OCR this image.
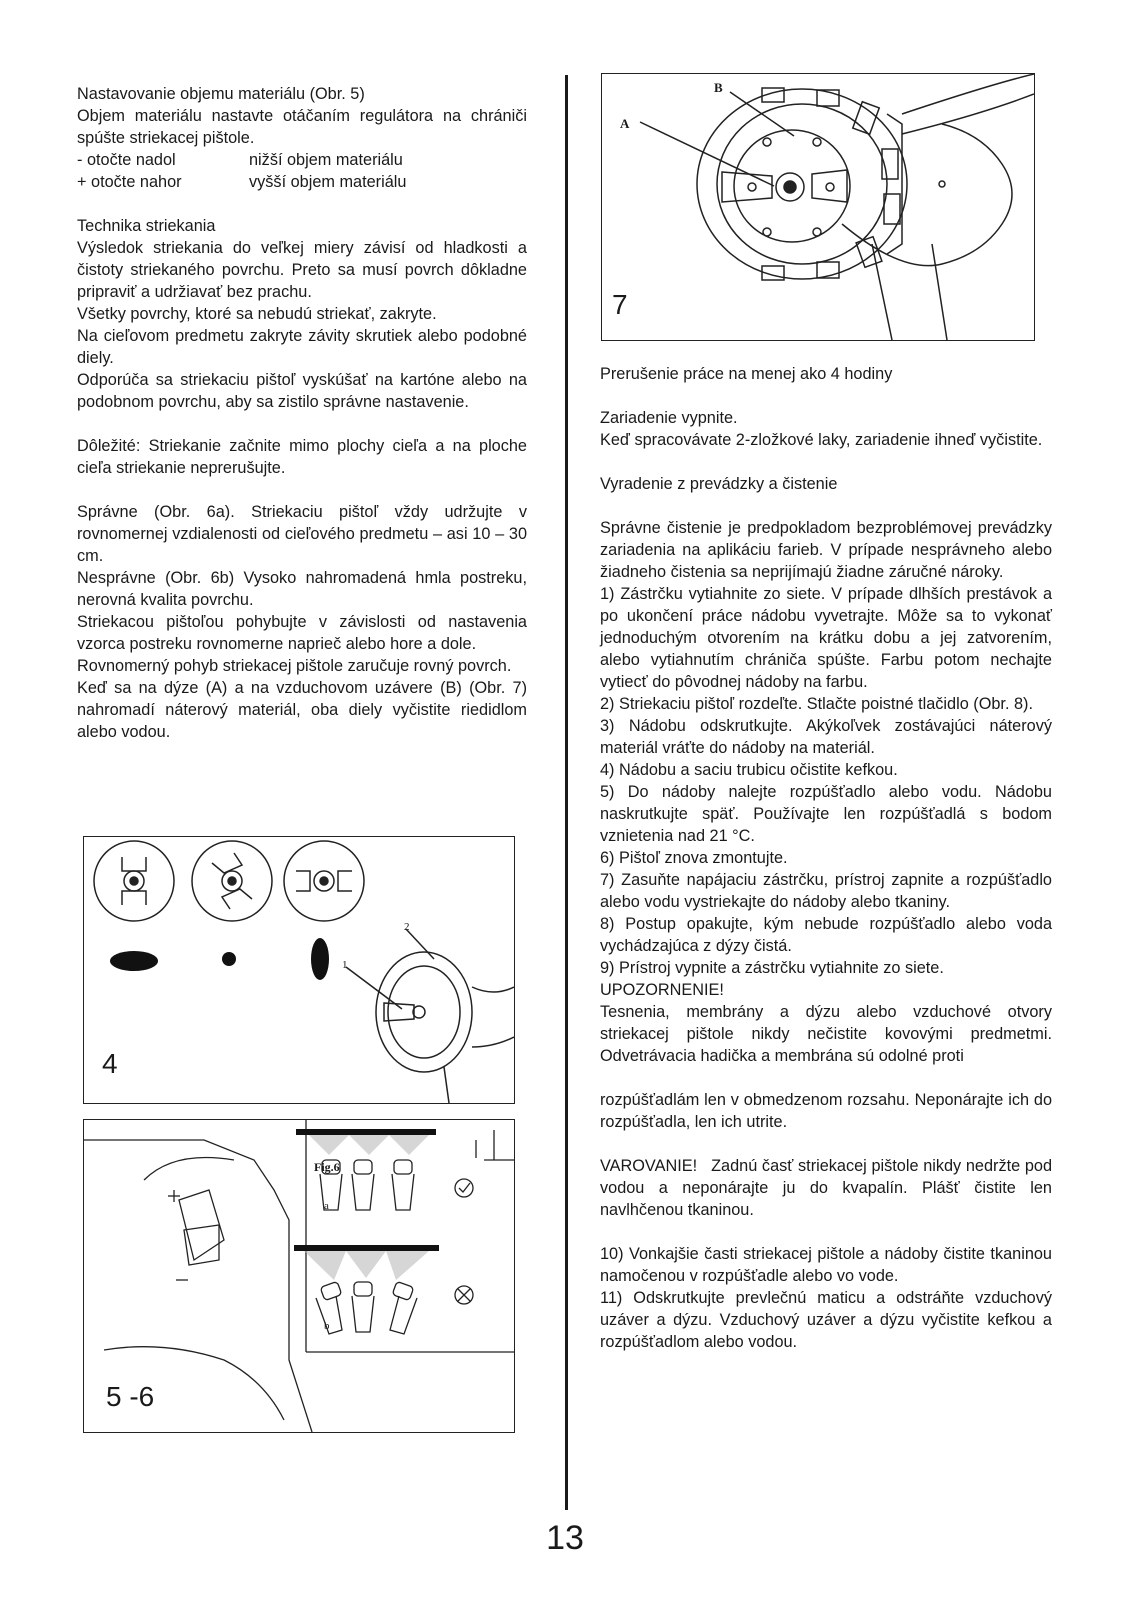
Nastavovanie objemu materiálu (Obr. 5)

Objem materiálu nastavte otáčaním regulátora na chrániči spúšte striekacej pištole.

- otočte nadol	nižší objem materiálu
+ otočte nahor	vyšší objem materiálu

Technika striekania

Výsledok striekania do veľkej miery závisí od hladkosti a čistoty striekaného povrchu. Preto sa musí povrch dôkladne pripraviť a udržiavať bez prachu.

Všetky povrchy, ktoré sa nebudú striekať, zakryte.

Na cieľovom predmetu zakryte závity skrutiek alebo podobné diely.

Odporúča sa striekaciu pištoľ vyskúšať na kartóne alebo na podobnom povrchu, aby sa zistilo správne nastavenie.

Dôležité: Striekanie začnite mimo plochy cieľa a na ploche cieľa striekanie neprerušujte.

Správne (Obr. 6a). Striekaciu pištoľ vždy udržujte v rovnomernej vzdialenosti od cieľového predmetu – asi 10 – 30 cm.

Nesprávne (Obr. 6b) Vysoko nahromadená hmla postreku, nerovná kvalita povrchu.

Striekacou pištoľou pohybujte v závislosti od nastavenia vzorca postreku rovnomerne naprieč alebo hore a dole.

Rovnomerný pohyb striekacej pištole zaručuje rovný povrch.

Keď sa na dýze (A) a na vzduchovom uzávere (B) (Obr. 7) nahromadí náterový materiál, oba diely vyčistite riedidlom alebo vodou.

A
B
7
1
2
4
Fig.6
a
b
5 -6

Prerušenie práce na menej ako 4 hodiny

Zariadenie vypnite.

Keď spracovávate 2-zložkové laky, zariadenie ihneď vyčistite.

Vyradenie z prevádzky a čistenie

Správne čistenie je predpokladom bezproblémovej prevádzky zariadenia na aplikáciu farieb. V prípade nesprávneho alebo žiadneho čistenia sa neprijímajú žiadne záručné nároky.

1) Zástrčku vytiahnite zo siete. V prípade dlhších prestávok a po ukončení práce nádobu vyvetrajte. Môže sa to vykonať jednoduchým otvorením na krátku dobu a jej zatvorením, alebo vytiahnutím chrániča spúšte. Farbu potom nechajte vytiecť do pôvodnej nádoby na farbu.

2) Striekaciu pištoľ rozdeľte. Stlačte poistné tlačidlo (Obr. 8).

3) Nádobu odskrutkujte. Akýkoľvek zostávajúci náterový materiál vráťte do nádoby na materiál.

4) Nádobu a saciu trubicu očistite kefkou.

5) Do nádoby nalejte rozpúšťadlo alebo vodu. Nádobu naskrutkujte späť. Používajte len rozpúšťadlá s bodom vznietenia nad 21 °C.

6) Pištoľ znova zmontujte.

7) Zasuňte napájaciu zástrčku, prístroj zapnite a rozpúšťadlo alebo vodu vystriekajte do nádoby alebo tkaniny.

8) Postup opakujte, kým nebude rozpúšťadlo alebo voda vychádzajúca z dýzy čistá.

9) Prístroj vypnite a zástrčku vytiahnite zo siete.

UPOZORNENIE!

Tesnenia, membrány a dýzu alebo vzduchové otvory striekacej pištole nikdy nečistite kovovými predmetmi. Odvetrávacia hadička a membrána sú odolné proti

rozpúšťadlám len v obmedzenom rozsahu. Neponárajte ich do rozpúšťadla, len ich utrite.

VAROVANIE!   Zadnú časť striekacej pištole nikdy nedržte pod vodou a neponárajte ju do kvapalín. Plášť čistite len navlhčenou tkaninou.

10) Vonkajšie časti striekacej pištole a nádoby čistite tkaninou namočenou v rozpúšťadle alebo vo vode.

11) Odskrutkujte prevlečnú maticu a odstráňte vzduchový uzáver a dýzu. Vzduchový uzáver a dýzu vyčistite kefkou a rozpúšťadlom alebo vodou.

13
